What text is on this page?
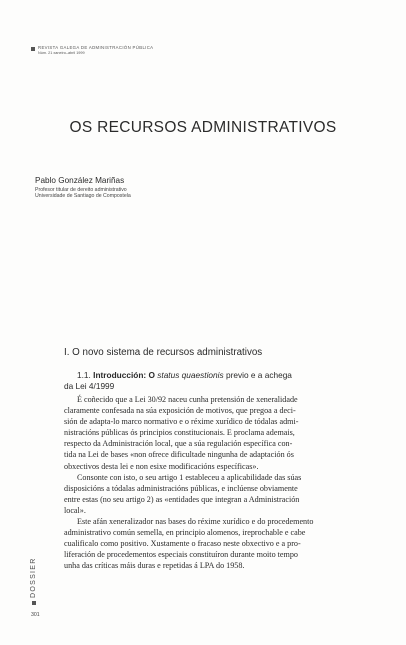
REVISTA GALEGA DE ADMINISTRACIÓN PÚBLICA
Núm. 21 xaneiro–abril 1999
OS RECURSOS ADMINISTRATIVOS
Pablo González Mariñas
Profesor titular de dereito administrativo
Universidade de Santiago de Compostela
I. O novo sistema de recursos administrativos
1.1. Introducción: O status quaestionis previo e a achega
da Lei 4/1999
É coñecido que a Lei 30/92 naceu cunha pretensión de xeneralidade
claramente confesada na súa exposición de motivos, que pregoa a deci-
sión de adapta-lo marco normativo e o réxime xurídico de tódalas admi-
nistracións públicas ós principios constitucionais. E proclama ademais,
respecto da Administración local, que a súa regulación específica con-
tida na Lei de bases «non ofrece dificultade ningunha de adaptación ós
obxectivos desta lei e non esixe modificacións específicas».
Consonte con isto, o seu artigo 1 estableceu a aplicabilidade das súas
disposicións a tódalas administracións públicas, e inclúense obviamente
entre estas (no seu artigo 2) as «entidades que integran a Administración
local».
Este afán xeneralizador nas bases do réxime xurídico e do procedemento
administrativo común semella, en principio alomenos, ireprochable e cabe
cualificalo como positivo. Xustamente o fracaso neste obxectivo e a pro-
liferación de procedementos especiais constituíron durante moito tempo
unha das críticas máis duras e repetidas á LPA do 1958.
DOSSIER
301
